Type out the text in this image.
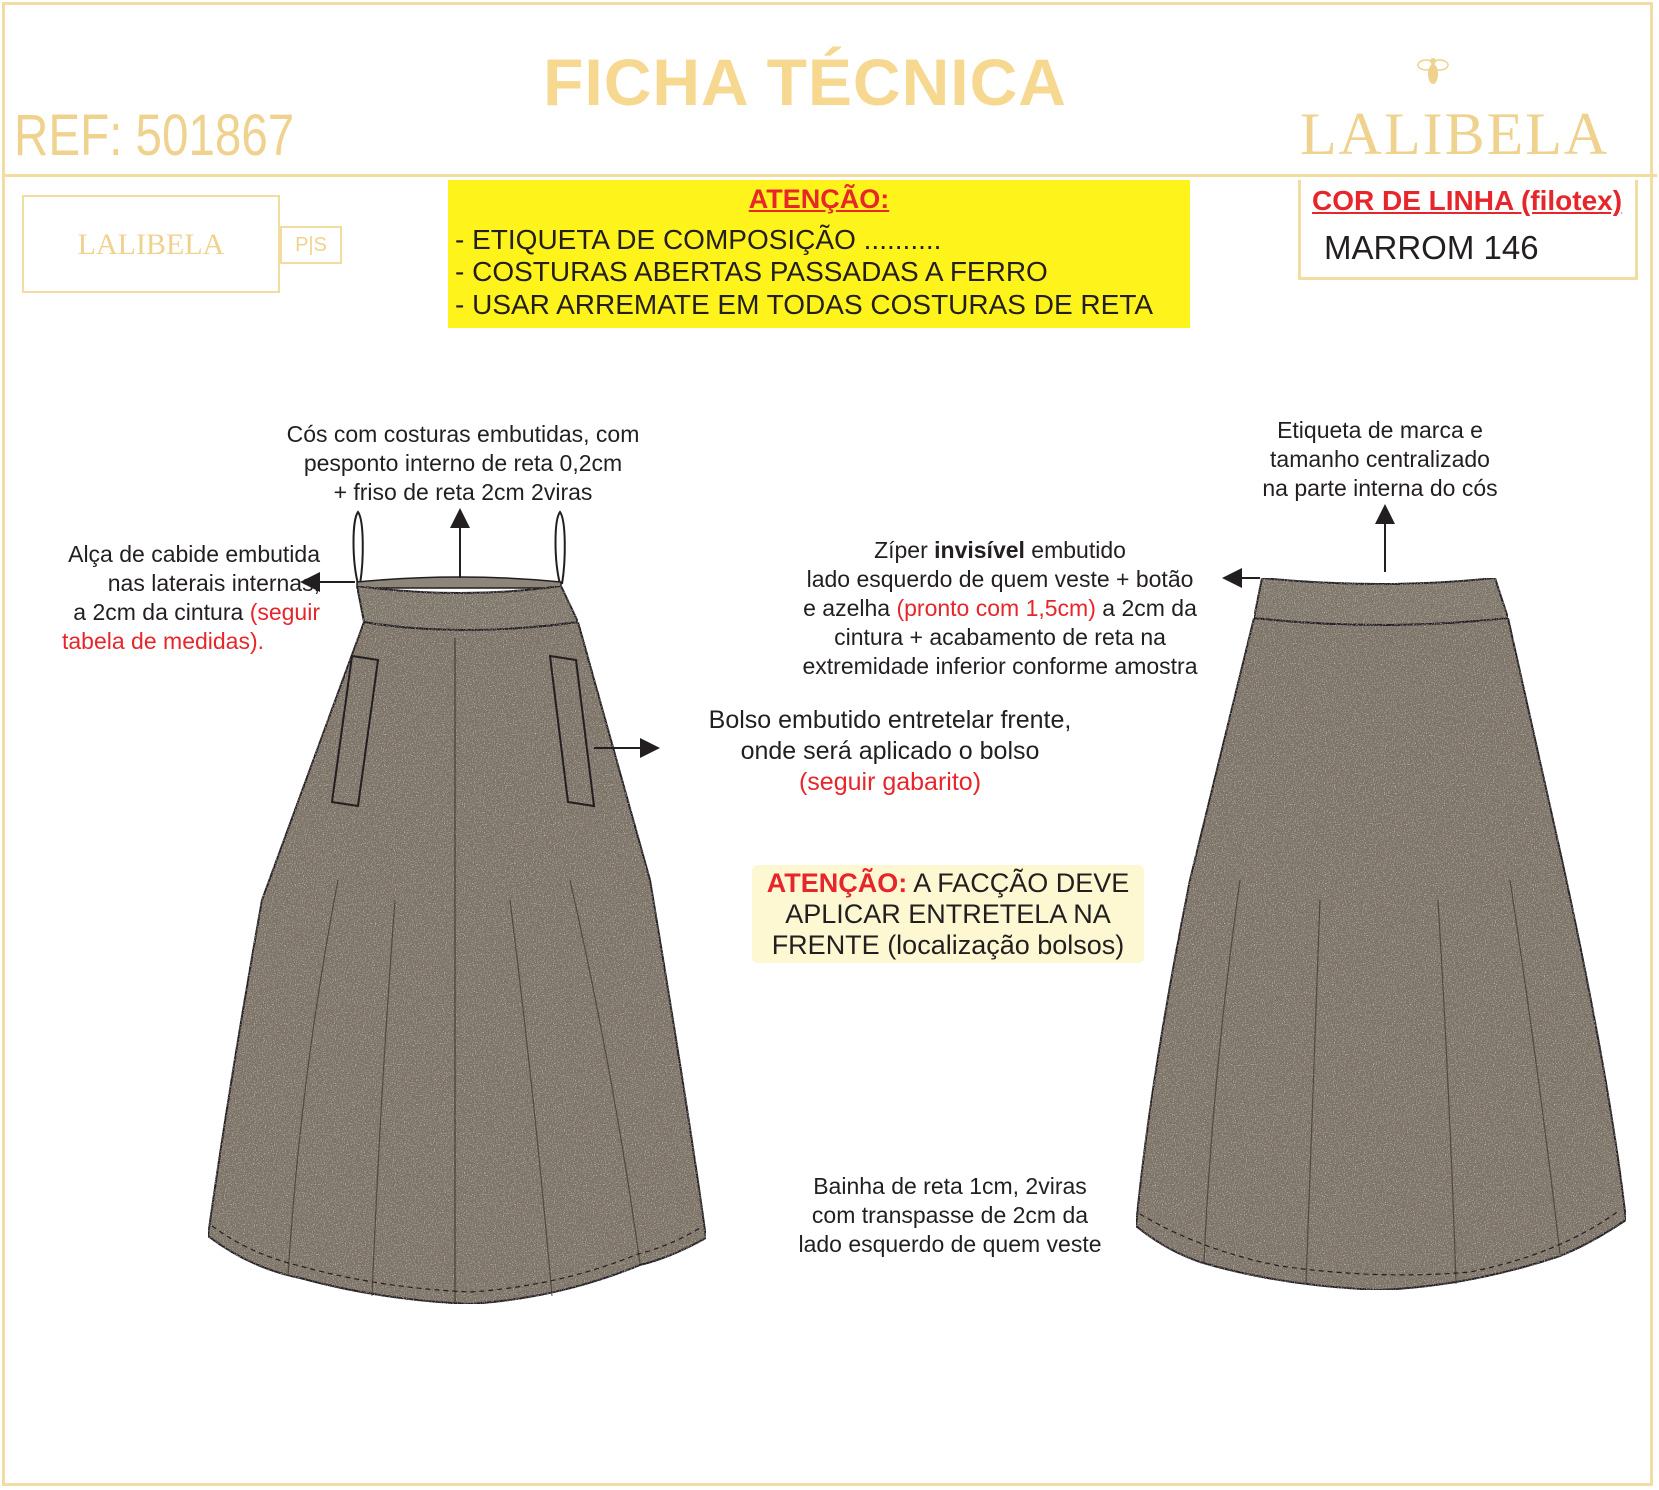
REF: 501867
FICHA TÉCNICA
LALIBELA
LALIBELA	P|S
ATENÇÃO:
- ETIQUETA DE COMPOSIÇÃO ..........
- COSTURAS ABERTAS PASSADAS A FERRO
- USAR ARREMATE EM TODAS COSTURAS DE RETA
COR DE LINHA (filotex)
MARROM 146
Cós com costuras embutidas, com
pesponto interno de reta 0,2cm
+ friso de reta 2cm 2viras
Alça de cabide embutida
nas laterais internas,
a 2cm da cintura (seguir
tabela de medidas).
Bolso embutido entretelar frente,
onde será aplicado o bolso
(seguir gabarito)
Etiqueta de marca e
tamanho centralizado
na parte interna do cós
Zíper invisível embutido
lado esquerdo de quem veste + botão
e azelha (pronto com 1,5cm) a 2cm da
cintura + acabamento de reta na
extremidade inferior conforme amostra
ATENÇÃO: A FACÇÃO DEVE
APLICAR ENTRETELA NA
FRENTE (localização bolsos)
Bainha de reta 1cm, 2viras
com transpasse de 2cm da
lado esquerdo de quem veste
